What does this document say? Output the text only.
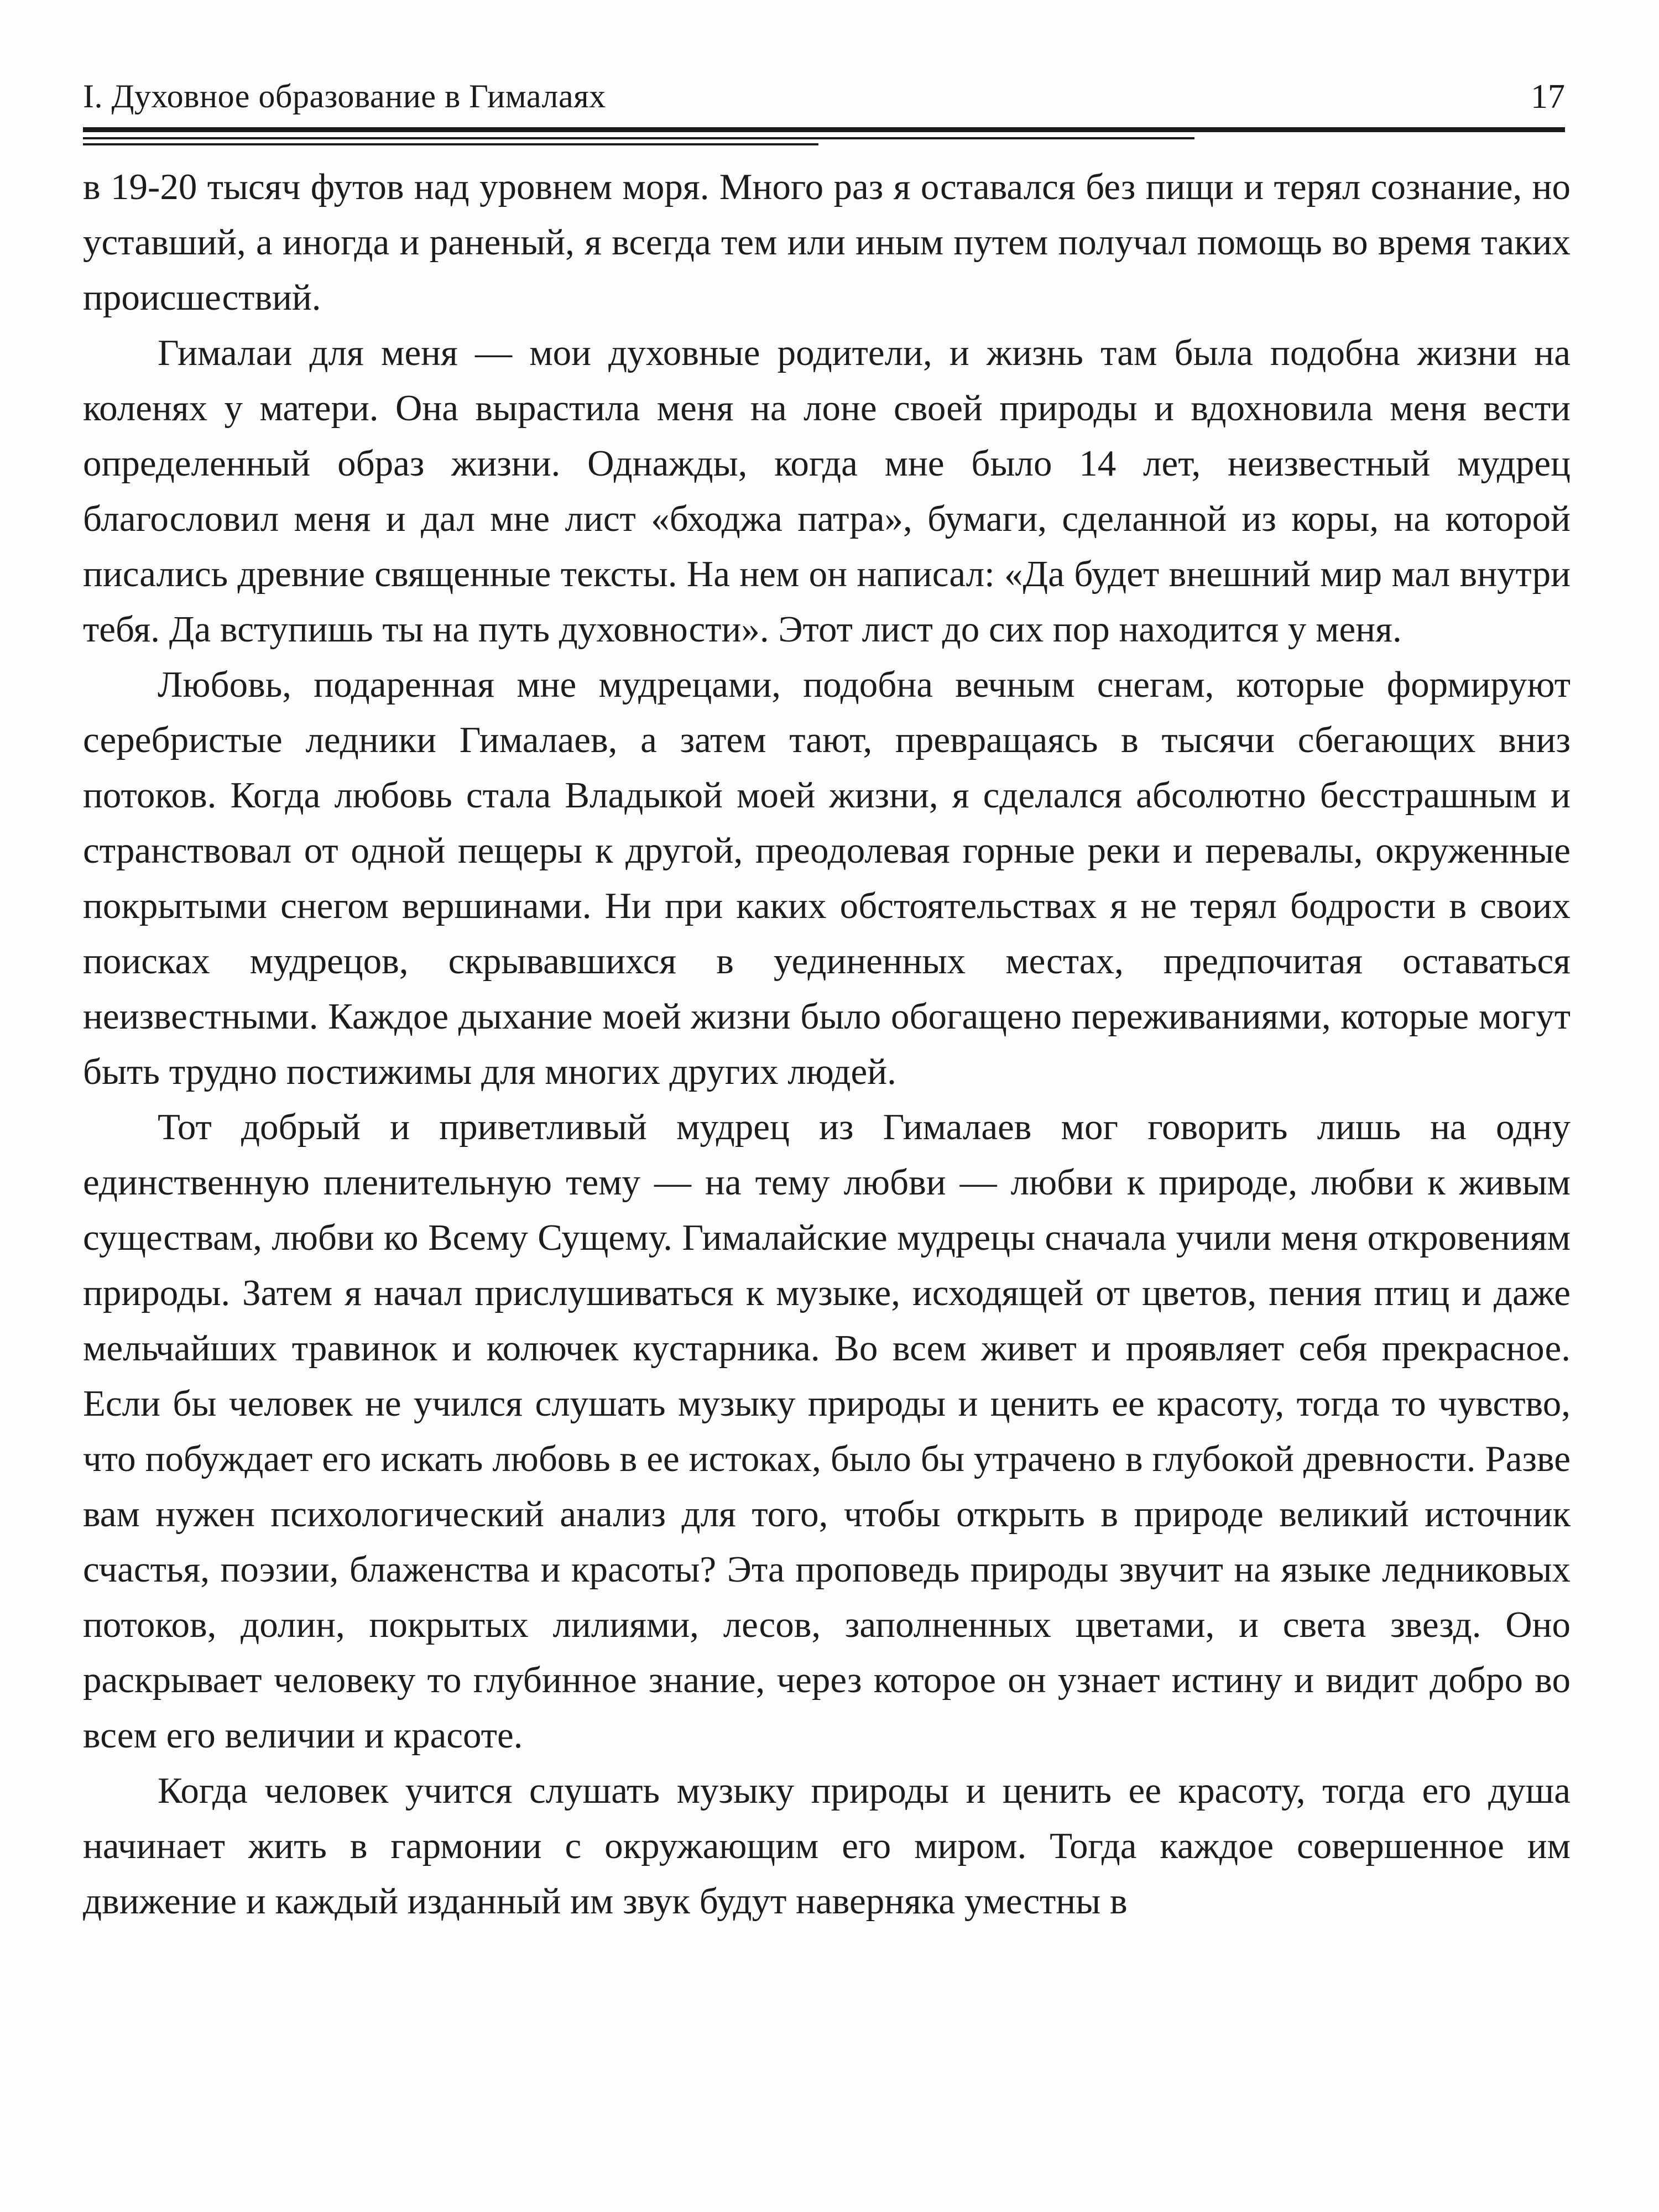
I. Духовное образование в Гималаях	17

в 19-20 тысяч футов над уровнем моря. Много раз я оставался без пищи и терял сознание, но уставший, а иногда и раненый, я всегда тем или иным путем получал помощь во время таких происшествий.

Гималаи для меня — мои духовные родители, и жизнь там была подобна жизни на коленях у матери. Она вырастила меня на лоне своей природы и вдохновила меня вести определенный образ жизни. Однажды, когда мне было 14 лет, неизвестный мудрец благословил меня и дал мне лист «бходжа патра», бумаги, сделанной из коры, на которой писались древние священные тексты. На нем он написал: «Да будет внешний мир мал внутри тебя. Да вступишь ты на путь духовности». Этот лист до сих пор находится у меня.

Любовь, подаренная мне мудрецами, подобна вечным снегам, которые формируют серебристые ледники Гималаев, а затем тают, превращаясь в тысячи сбегающих вниз потоков. Когда любовь стала Владыкой моей жизни, я сделался абсолютно бесстрашным и странствовал от одной пещеры к другой, преодолевая горные реки и перевалы, окруженные покрытыми снегом вершинами. Ни при каких обстоятельствах я не терял бодрости в своих поисках мудрецов, скрывавшихся в уединенных местах, предпочитая оставаться неизвестными. Каждое дыхание моей жизни было обогащено переживаниями, которые могут быть трудно постижимы для многих других людей.

Тот добрый и приветливый мудрец из Гималаев мог говорить лишь на одну единственную пленительную тему — на тему любви — любви к природе, любви к живым существам, любви ко Всему Сущему. Гималайские мудрецы сначала учили меня откровениям природы. Затем я начал прислушиваться к музыке, исходящей от цветов, пения птиц и даже мельчайших травинок и колючек кустарника. Во всем живет и проявляет себя прекрасное. Если бы человек не учился слушать музыку природы и ценить ее красоту, тогда то чувство, что побуждает его искать любовь в ее истоках, было бы утрачено в глубокой древности. Разве вам нужен психологический анализ для того, чтобы открыть в природе великий источник счастья, поэзии, блаженства и красоты? Эта проповедь природы звучит на языке ледниковых потоков, долин, покрытых лилиями, лесов, заполненных цветами, и света звезд. Оно раскрывает человеку то глубинное знание, через которое он узнает истину и видит добро во всем его величии и красоте.

Когда человек учится слушать музыку природы и ценить ее красоту, тогда его душа начинает жить в гармонии с окружающим его миром. Тогда каждое совершенное им движение и каждый изданный им звук будут наверняка уместны в
